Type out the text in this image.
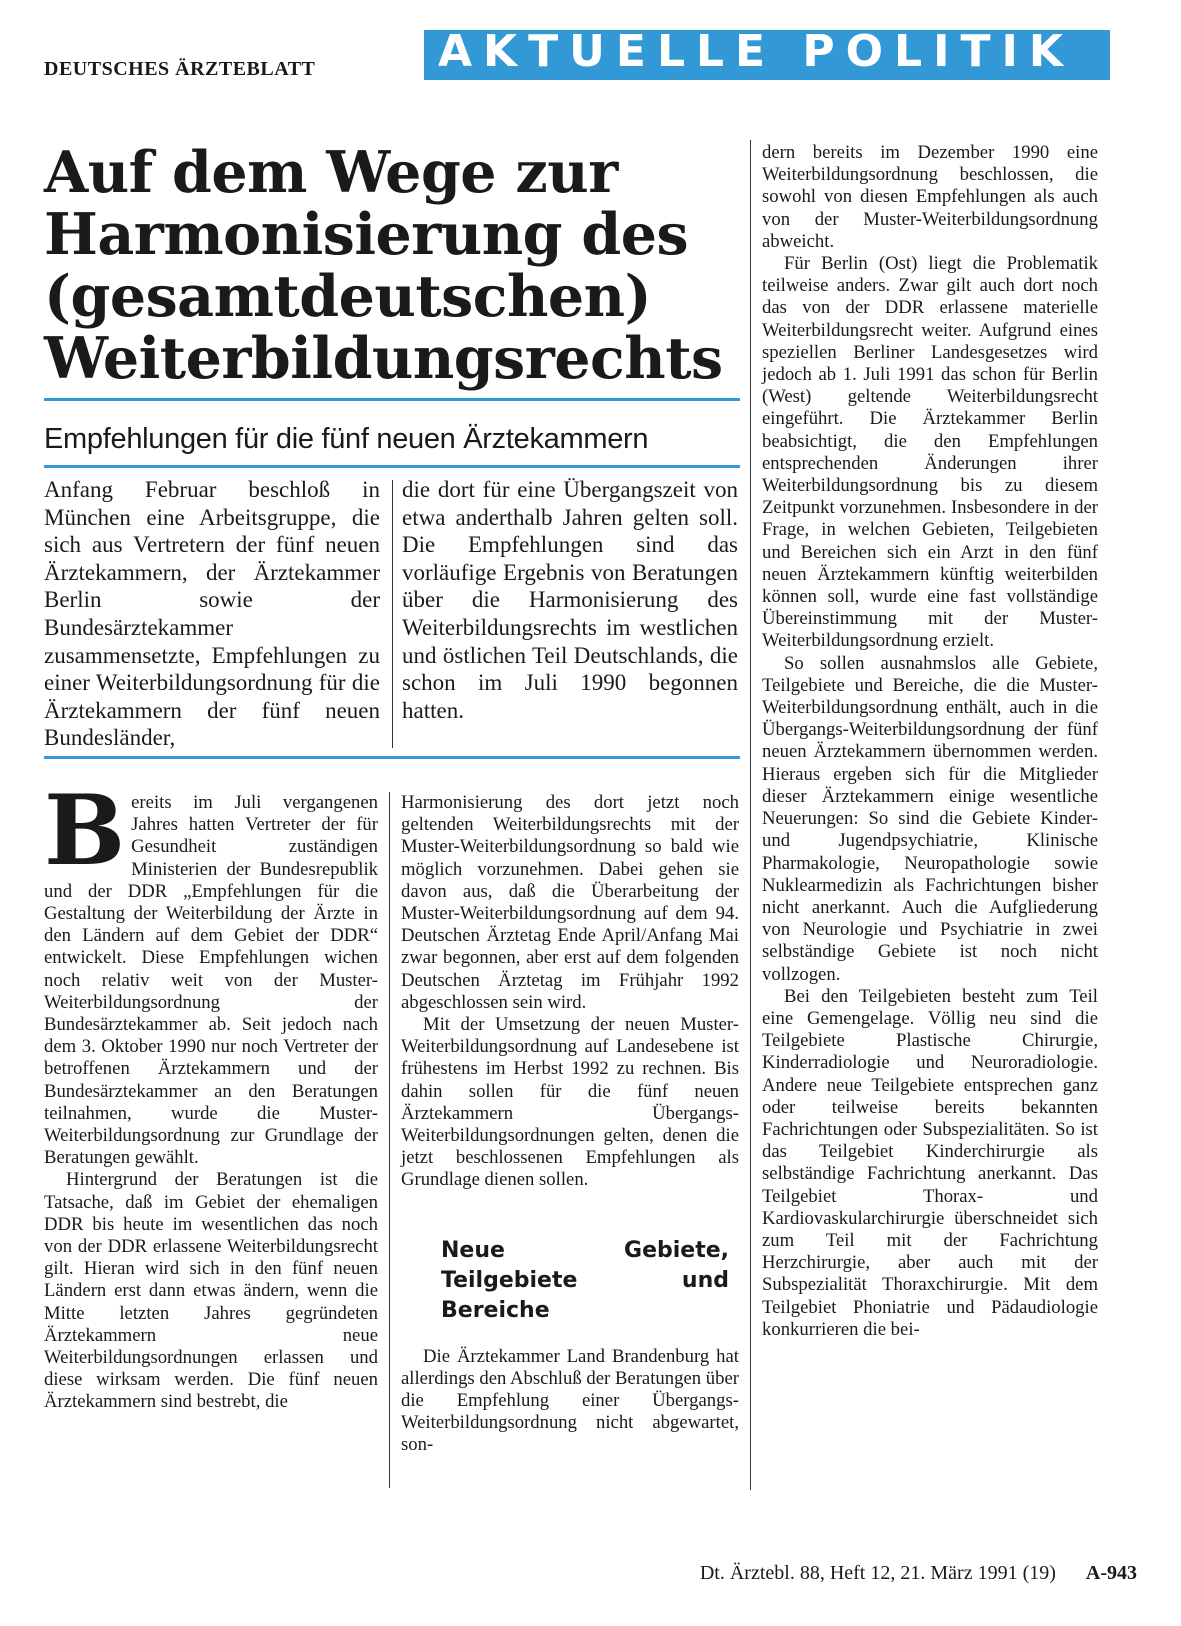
DEUTSCHES ÄRZTEBLATT	AKTUELLE POLITIK
Auf dem Wege zur Harmonisierung des (gesamtdeutschen) Weiterbildungsrechts
Empfehlungen für die fünf neuen Ärztekammern
Anfang Februar beschloß in München eine Arbeitsgruppe, die sich aus Vertretern der fünf neuen Ärztekammern, der Ärztekammer Berlin sowie der Bundesärztekammer zusammensetzte, Empfehlungen zu einer Weiterbildungsordnung für die Ärztekammern der fünf neuen Bundesländer,
die dort für eine Übergangszeit von etwa anderthalb Jahren gelten soll. Die Empfehlungen sind das vorläufige Ergebnis von Beratungen über die Harmonisierung des Weiterbildungsrechts im westlichen und östlichen Teil Deutschlands, die schon im Juli 1990 begonnen hatten.
B ereits im Juli vergangenen Jahres hatten Vertreter der für Gesundheit zuständigen Ministerien der Bundesrepublik und der DDR „Empfehlungen für die Gestaltung der Weiterbildung der Ärzte in den Ländern auf dem Gebiet der DDR“ entwickelt. Diese Empfehlungen wichen noch relativ weit von der Muster-Weiterbildungsordnung der Bundesärztekammer ab. Seit jedoch nach dem 3. Oktober 1990 nur noch Vertreter der betroffenen Ärztekammern und der Bundesärztekammer an den Beratungen teilnahmen, wurde die Muster-Weiterbildungsordnung zur Grundlage der Beratungen gewählt.

Hintergrund der Beratungen ist die Tatsache, daß im Gebiet der ehemaligen DDR bis heute im wesentlichen das noch von der DDR erlassene Weiterbildungsrecht gilt. Hieran wird sich in den fünf neuen Ländern erst dann etwas ändern, wenn die Mitte letzten Jahres gegründeten Ärztekammern neue Weiterbildungsordnungen erlassen und diese wirksam werden. Die fünf neuen Ärztekammern sind bestrebt, die

Harmonisierung des dort jetzt noch geltenden Weiterbildungsrechts mit der Muster-Weiterbildungsordnung so bald wie möglich vorzunehmen. Dabei gehen sie davon aus, daß die Überarbeitung der Muster-Weiterbildungsordnung auf dem 94. Deutschen Ärztetag Ende April/Anfang Mai zwar begonnen, aber erst auf dem folgenden Deutschen Ärztetag im Frühjahr 1992 abgeschlossen sein wird.

Mit der Umsetzung der neuen Muster-Weiterbildungsordnung auf Landesebene ist frühestens im Herbst 1992 zu rechnen. Bis dahin sollen für die fünf neuen Ärztekammern Übergangs-Weiterbildungsordnungen gelten, denen die jetzt beschlossenen Empfehlungen als Grundlage dienen sollen.

Neue Gebiete, Teilgebiete und Bereiche

Die Ärztekammer Land Brandenburg hat allerdings den Abschluß der Beratungen über die Empfehlung einer Übergangs-Weiterbildungsordnung nicht abgewartet, son-

dern bereits im Dezember 1990 eine Weiterbildungsordnung beschlossen, die sowohl von diesen Empfehlungen als auch von der Muster-Weiterbildungsordnung abweicht.

Für Berlin (Ost) liegt die Problematik teilweise anders. Zwar gilt auch dort noch das von der DDR erlassene materielle Weiterbildungsrecht weiter. Aufgrund eines speziellen Berliner Landesgesetzes wird jedoch ab 1. Juli 1991 das schon für Berlin (West) geltende Weiterbildungsrecht eingeführt. Die Ärztekammer Berlin beabsichtigt, die den Empfehlungen entsprechenden Änderungen ihrer Weiterbildungsordnung bis zu diesem Zeitpunkt vorzunehmen. Insbesondere in der Frage, in welchen Gebieten, Teilgebieten und Bereichen sich ein Arzt in den fünf neuen Ärztekammern künftig weiterbilden können soll, wurde eine fast vollständige Übereinstimmung mit der Muster-Weiterbildungsordnung erzielt.

So sollen ausnahmslos alle Gebiete, Teilgebiete und Bereiche, die die Muster-Weiterbildungsordnung enthält, auch in die Übergangs-Weiterbildungsordnung der fünf neuen Ärztekammern übernommen werden. Hieraus ergeben sich für die Mitglieder dieser Ärztekammern einige wesentliche Neuerungen: So sind die Gebiete Kinder- und Jugendpsychiatrie, Klinische Pharmakologie, Neuropathologie sowie Nuklearmedizin als Fachrichtungen bisher nicht anerkannt. Auch die Aufgliederung von Neurologie und Psychiatrie in zwei selbständige Gebiete ist noch nicht vollzogen.

Bei den Teilgebieten besteht zum Teil eine Gemengelage. Völlig neu sind die Teilgebiete Plastische Chirurgie, Kinderradiologie und Neuroradiologie. Andere neue Teilgebiete entsprechen ganz oder teilweise bereits bekannten Fachrichtungen oder Subspezialitäten. So ist das Teilgebiet Kinderchirurgie als selbständige Fachrichtung anerkannt. Das Teilgebiet Thorax- und Kardiovaskularchirurgie überschneidet sich zum Teil mit der Fachrichtung Herzchirurgie, aber auch mit der Subspezialität Thoraxchirurgie. Mit dem Teilgebiet Phoniatrie und Pädaudiologie konkurrieren die bei-

Dt. Ärztebl. 88, Heft 12, 21. März 1991 (19) A-943
